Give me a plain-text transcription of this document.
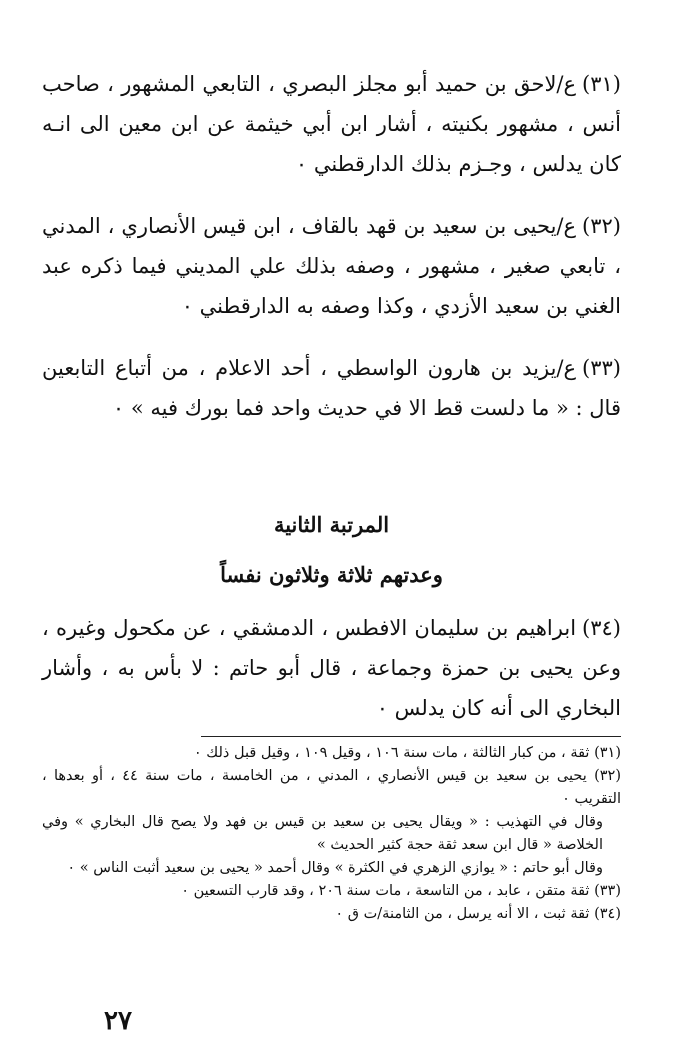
(٣١)ع/لاحق بن حميد أبو مجلز البصري ، التابعي المشهور ، صاحب أنس ، مشهور بكنيته ، أشار ابن أبي خيثمة عن ابن معين الى انـه كان يدلس ، وجـزم بذلك الدارقطني ٠

(٣٢)ع/يحيى بن سعيد بن قهد بالقاف ، ابن قيس الأنصاري ، المدني ، تابعي صغير ، مشهور ، وصفه بذلك علي المديني فيما ذكره عبد الغني بن سعيد الأزدي ، وكذا وصفه به الدارقطني ٠

(٣٣)ع/يزيد بن هارون الواسطي ، أحد الاعلام ، من أتباع التابعين قال : « ما دلست قط الا في حديث واحد فما بورك فيه » ٠

المرتبة الثانية
وعدتهم ثلاثة وثلاثون نفساً

(٣٤)ابراهيم بن سليمان الافطس ، الدمشقي ، عن مكحول وغيره ، وعن يحيى بن حمزة وجماعة ، قال أبو حاتم : لا بأس به ، وأشار البخاري الى أنه كان يدلس ٠

(٣١) ثقة ، من كبار الثالثة ، مات سنة ١٠٦ ، وقيل ١٠٩ ، وقيل قبل ذلك ٠

(٣٢) يحيى بن سعيد بن قيس الأنصاري ، المدني ، من الخامسة ، مات سنة ٤٤ ، أو بعدها ، التقريب ٠

وقال في التهذيب : « ويقال يحيى بن سعيد بن قيس بن فهد ولا يصح قال البخاري » وفي الخلاصة « قال ابن سعد ثقة حجة كثير الحديث »

وقال أبو حاتم : « يوازي الزهري في الكثرة » وقال أحمد « يحيى بن سعيد أثبت الناس » ٠

(٣٣) ثقة متقن ، عابد ، من التاسعة ، مات سنة ٢٠٦ ، وقد قارب التسعين ٠

(٣٤) ثقة ثبت ، الا أنه يرسل ، من الثامنة/ت ق ٠

٢٧
